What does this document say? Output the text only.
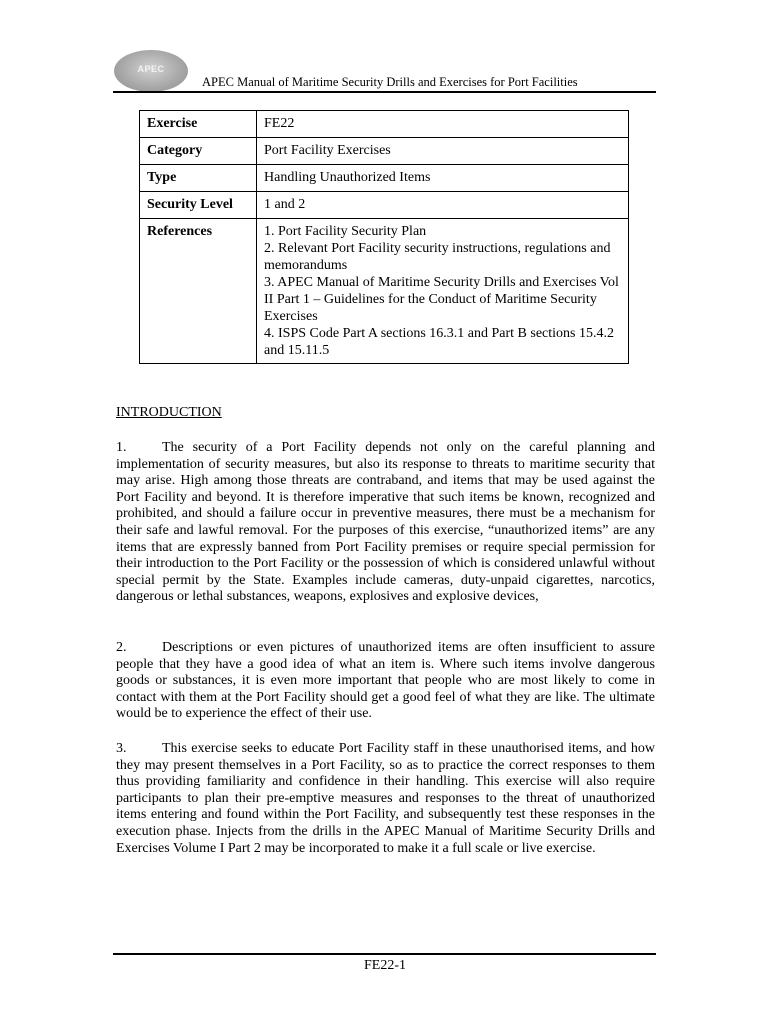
APEC
APEC Manual of Maritime Security Drills and Exercises for Port Facilities
Exercise	FE22
Category	Port Facility Exercises
Type	Handling Unauthorized Items
Security Level	1 and 2
References	1. Port Facility Security Plan
2. Relevant Port Facility security instructions, regulations and memorandums
3. APEC Manual of Maritime Security Drills and Exercises Vol II Part 1 – Guidelines for the Conduct of Maritime Security Exercises
4. ISPS Code Part A sections 16.3.1 and Part B sections 15.4.2 and 15.11.5
INTRODUCTION

1.	The security of a Port Facility depends not only on the careful planning and implementation of security measures, but also its response to threats to maritime security that may arise. High among those threats are contraband, and items that may be used against the Port Facility and beyond. It is therefore imperative that such items be known, recognized and prohibited, and should a failure occur in preventive measures, there must be a mechanism for their safe and lawful removal. For the purposes of this exercise, “unauthorized items” are any items that are expressly banned from Port Facility premises or require special permission for their introduction to the Port Facility or the possession of which is considered unlawful without special permit by the State. Examples include cameras, duty-unpaid cigarettes, narcotics, dangerous or lethal substances, weapons, explosives and explosive devices,

2.	Descriptions or even pictures of unauthorized items are often insufficient to assure people that they have a good idea of what an item is. Where such items involve dangerous goods or substances, it is even more important that people who are most likely to come in contact with them at the Port Facility should get a good feel of what they are like. The ultimate would be to experience the effect of their use.

3.	This exercise seeks to educate Port Facility staff in these unauthorised items, and how they may present themselves in a Port Facility, so as to practice the correct responses to them thus providing familiarity and confidence in their handling. This exercise will also require participants to plan their pre-emptive measures and responses to the threat of unauthorized items entering and found within the Port Facility, and subsequently test these responses in the execution phase. Injects from the drills in the APEC Manual of Maritime Security Drills and Exercises Volume I Part 2 may be incorporated to make it a full scale or live exercise.

FE22-1
